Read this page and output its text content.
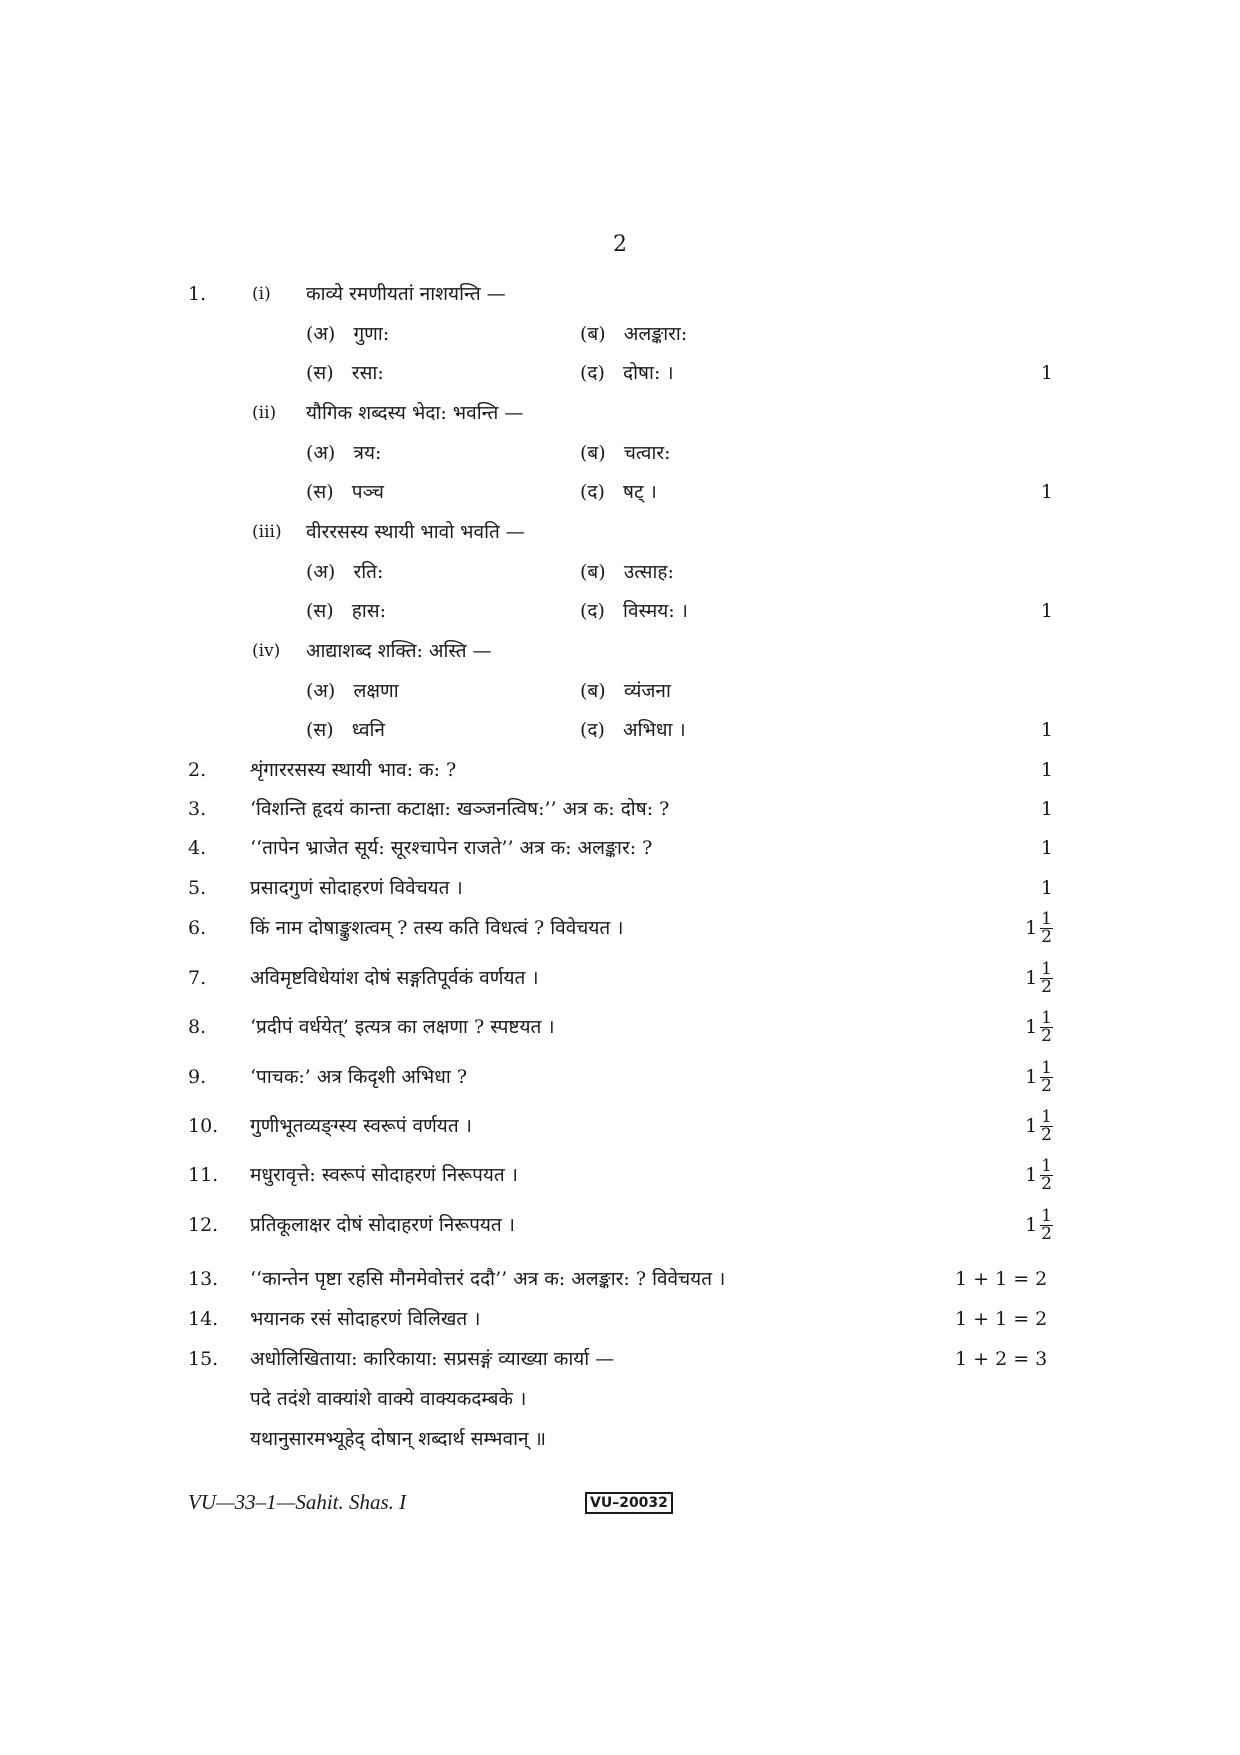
2
1.	(i) काव्ये रमणीयतां नाशयन्ति —
(अ) गुणा:	(ब) अलङ्कारा:
(स) रसा:	(द) दोषा: ।	1
(ii) यौगिक शब्दस्य भेदा: भवन्ति —
(अ) त्रय:	(ब) चत्वार:
(स) पञ्च	(द) षट् ।	1
(iii) वीररसस्य स्थायी भावो भवति —
(अ) रति:	(ब) उत्साह:
(स) हास:	(द) विस्मय: ।	1
(iv) आद्याशब्द शक्ति: अस्ति —
(अ) लक्षणा	(ब) व्यंजना
(स) ध्वनि	(द) अभिधा ।	1
2. शृंगाररसस्य स्थायी भाव: क: ?	1
3. ‘विशन्ति हृदयं कान्ता कटाक्षा: खञ्जनत्विष:’’ अत्र क: दोष: ?	1
4. ‘‘तापेन भ्राजेत सूर्य: सूरश्चापेन राजते’’ अत्र क: अलङ्कार: ?	1
5. प्रसादगुणं सोदाहरणं विवेचयत ।	1
6. किं नाम दोषाङ्कुशत्वम् ? तस्य कति विधत्वं ? विवेचयत ।	$1 \frac{1}{2}$
7. अविमृष्टविधेयांश दोषं सङ्गतिपूर्वकं वर्णयत ।	$1 \frac{1}{2}$
8. ‘प्रदीपं वर्धयेत्’ इत्यत्र का लक्षणा ? स्पष्टयत ।	$1 \frac{1}{2}$
9. ‘पाचक:’ अत्र किदृशी अभिधा ?	$1 \frac{1}{2}$
10. गुणीभूतव्यङ्ग्स्य स्वरूपं वर्णयत ।	$1 \frac{1}{2}$
11. मधुरावृत्ते: स्वरूपं सोदाहरणं निरूपयत ।	$1 \frac{1}{2}$
12. प्रतिकूलाक्षर दोषं सोदाहरणं निरूपयत ।	$1 \frac{1}{2}$
13. ‘‘कान्तेन पृष्टा रहसि मौनमेवोत्तरं ददौ’’ अत्र क: अलङ्कार: ? विवेचयत ।	1 + 1 = 2
14. भयानक रसं सोदाहरणं विलिखत ।	1 + 1 = 2
15. अधोलिखिताया: कारिकाया: सप्रसङ्गं व्याख्या कार्या —	1 + 2 = 3
पदे तदंशे वाक्यांशे वाक्ये वाक्यकदम्बके ।
यथानुसारमभ्यूहेद् दोषान् शब्दार्थ सम्भवान् ॥
VU—33–1—Sahit. Shas. I	VU–20032
